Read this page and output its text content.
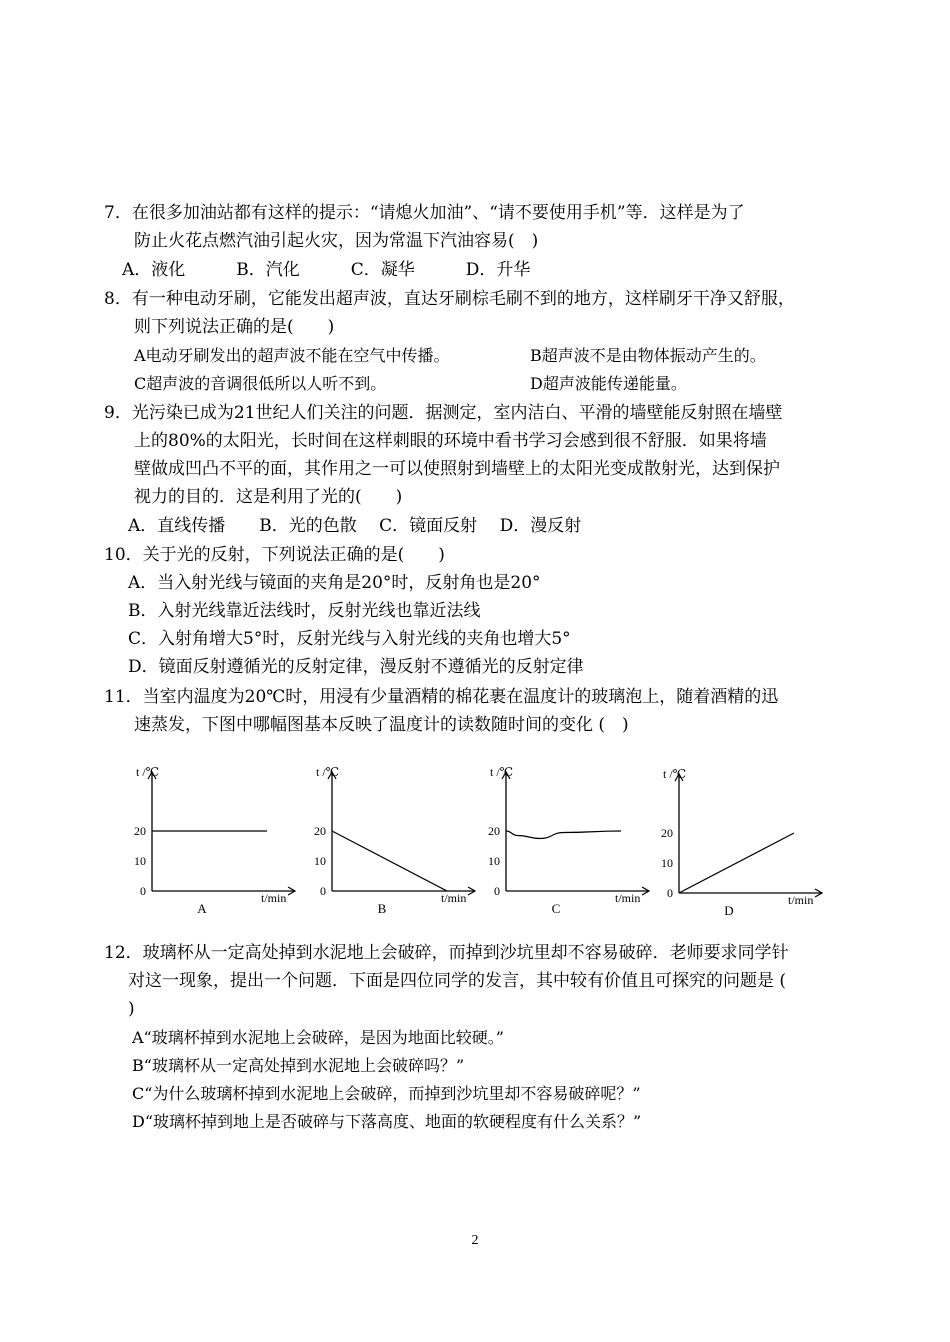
7．在很多加油站都有这样的提示：“请熄火加油”、“请不要使用手机”等．这样是为了
防止火花点燃汽油引起火灾，因为常温下汽油容易(　)
A．液化　　　B．汽化　　　C．凝华　　　D．升华
8．有一种电动牙刷，它能发出超声波，直达牙刷棕毛刷不到的地方，这样刷牙干净又舒服，
则下列说法正确的是(　　)
A电动牙刷发出的超声波不能在空气中传播。	B超声波不是由物体振动产生的。
C超声波的音调很低所以人听不到。	D超声波能传递能量。
9．光污染已成为21世纪人们关注的问题．据测定，室内洁白、平滑的墙壁能反射照在墙壁
上的80%的太阳光，长时间在这样刺眼的环境中看书学习会感到很不舒服．如果将墙
壁做成凹凸不平的面，其作用之一可以使照射到墙壁上的太阳光变成散射光，达到保护
视力的目的．这是利用了光的(　　)
A．直线传播　　B．光的色散　 C．镜面反射　 D．漫反射
10．关于光的反射，下列说法正确的是(　　)
A．当入射光线与镜面的夹角是20°时，反射角也是20°
B．入射光线靠近法线时，反射光线也靠近法线
C．入射角增大5°时，反射光线与入射光线的夹角也增大5°
D．镜面反射遵循光的反射定律，漫反射不遵循光的反射定律
11．当室内温度为20℃时，用浸有少量酒精的棉花裹在温度计的玻璃泡上，随着酒精的迅
速蒸发，下图中哪幅图基本反映了温度计的读数随时间的变化 (　)
t /℃
t/min
20
10
0
A
t /℃
t/min
20
10
0
B
t /℃
t/min
20
10
0
C
t /℃
t/min
20
10
0
D
12．玻璃杯从一定高处掉到水泥地上会破碎，而掉到沙坑里却不容易破碎．老师要求同学针
对这一现象，提出一个问题．下面是四位同学的发言，其中较有价值且可探究的问题是 (
)
A“玻璃杯掉到水泥地上会破碎，是因为地面比较硬。”
B“玻璃杯从一定高处掉到水泥地上会破碎吗？”
C“为什么玻璃杯掉到水泥地上会破碎，而掉到沙坑里却不容易破碎呢？”
D“玻璃杯掉到地上是否破碎与下落高度、地面的软硬程度有什么关系？”
2
